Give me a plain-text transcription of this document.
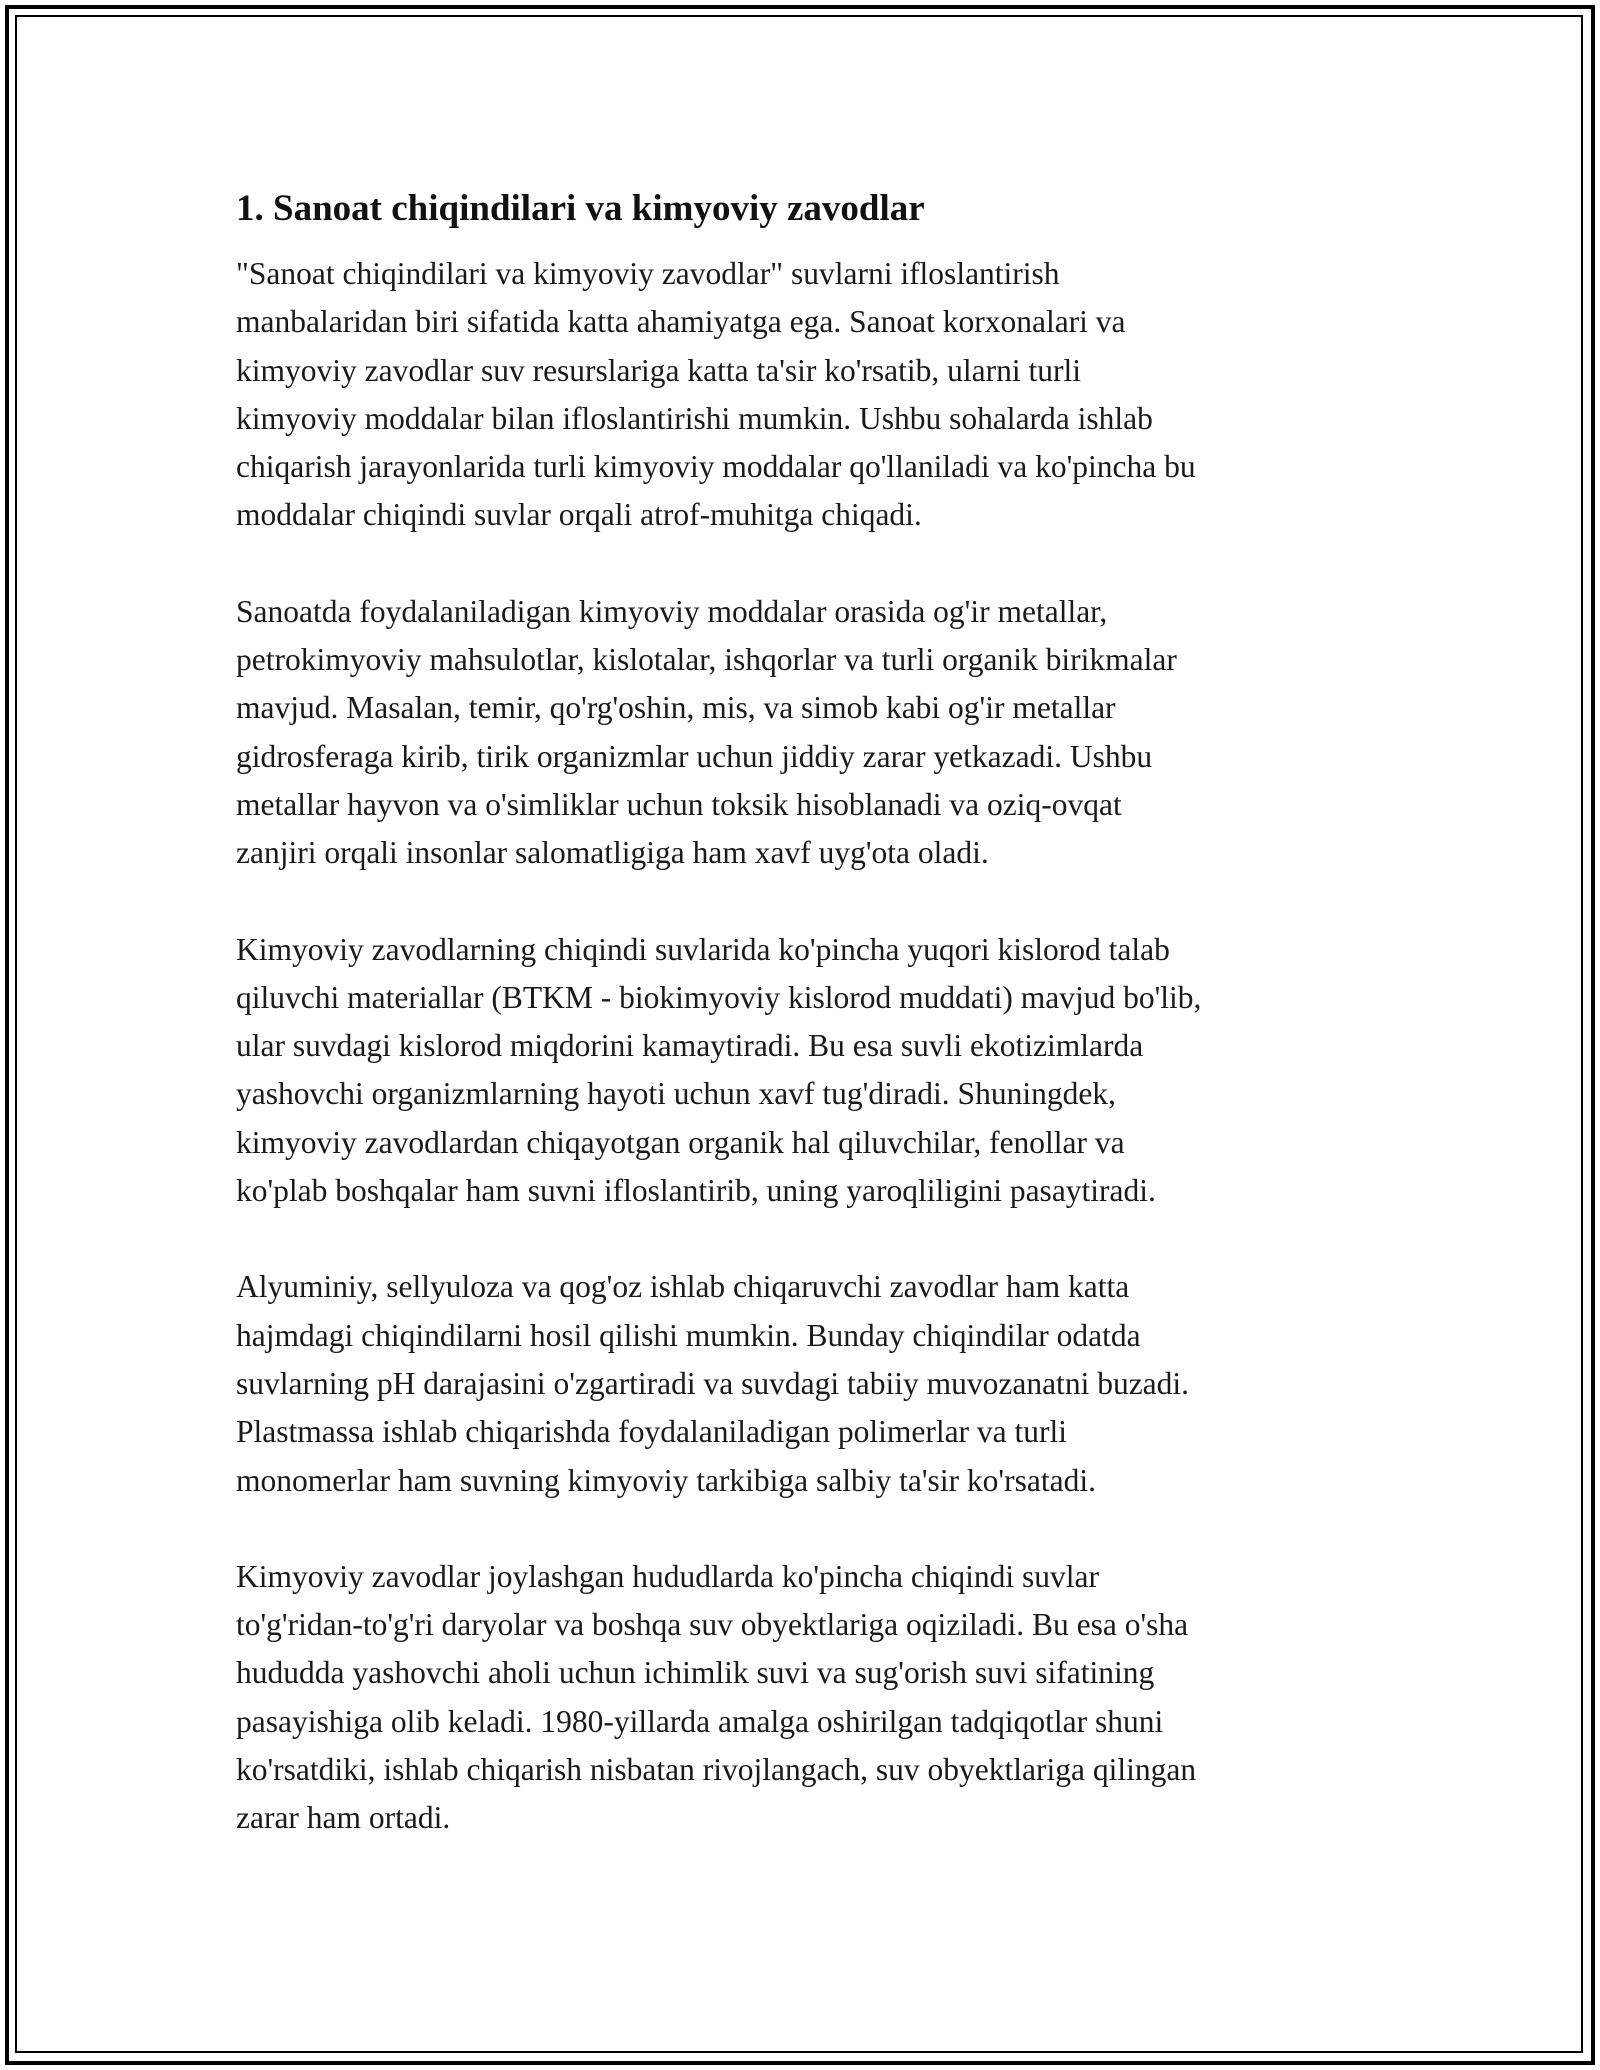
1. Sanoat chiqindilari va kimyoviy zavodlar
"Sanoat chiqindilari va kimyoviy zavodlar" suvlarni ifloslantirish
manbalaridan biri sifatida katta ahamiyatga ega. Sanoat korxonalari va
kimyoviy zavodlar suv resurslariga katta ta'sir ko'rsatib, ularni turli
kimyoviy moddalar bilan ifloslantirishi mumkin. Ushbu sohalarda ishlab
chiqarish jarayonlarida turli kimyoviy moddalar qo'llaniladi va ko'pincha bu
moddalar chiqindi suvlar orqali atrof-muhitga chiqadi.
Sanoatda foydalaniladigan kimyoviy moddalar orasida og'ir metallar,
petrokimyoviy mahsulotlar, kislotalar, ishqorlar va turli organik birikmalar
mavjud. Masalan, temir, qo'rg'oshin, mis, va simob kabi og'ir metallar
gidrosferaga kirib, tirik organizmlar uchun jiddiy zarar yetkazadi. Ushbu
metallar hayvon va o'simliklar uchun toksik hisoblanadi va oziq-ovqat
zanjiri orqali insonlar salomatligiga ham xavf uyg'ota oladi.
Kimyoviy zavodlarning chiqindi suvlarida ko'pincha yuqori kislorod talab
qiluvchi materiallar (BTKM - biokimyoviy kislorod muddati) mavjud bo'lib,
ular suvdagi kislorod miqdorini kamaytiradi. Bu esa suvli ekotizimlarda
yashovchi organizmlarning hayoti uchun xavf tug'diradi. Shuningdek,
kimyoviy zavodlardan chiqayotgan organik hal qiluvchilar, fenollar va
ko'plab boshqalar ham suvni ifloslantirib, uning yaroqliligini pasaytiradi.
Alyuminiy, sellyuloza va qog'oz ishlab chiqaruvchi zavodlar ham katta
hajmdagi chiqindilarni hosil qilishi mumkin. Bunday chiqindilar odatda
suvlarning pH darajasini o'zgartiradi va suvdagi tabiiy muvozanatni buzadi.
Plastmassa ishlab chiqarishda foydalaniladigan polimerlar va turli
monomerlar ham suvning kimyoviy tarkibiga salbiy ta'sir ko'rsatadi.
Kimyoviy zavodlar joylashgan hududlarda ko'pincha chiqindi suvlar
to'g'ridan-to'g'ri daryolar va boshqa suv obyektlariga oqiziladi. Bu esa o'sha
hududda yashovchi aholi uchun ichimlik suvi va sug'orish suvi sifatining
pasayishiga olib keladi. 1980-yillarda amalga oshirilgan tadqiqotlar shuni
ko'rsatdiki, ishlab chiqarish nisbatan rivojlangach, suv obyektlariga qilingan
zarar ham ortadi.
